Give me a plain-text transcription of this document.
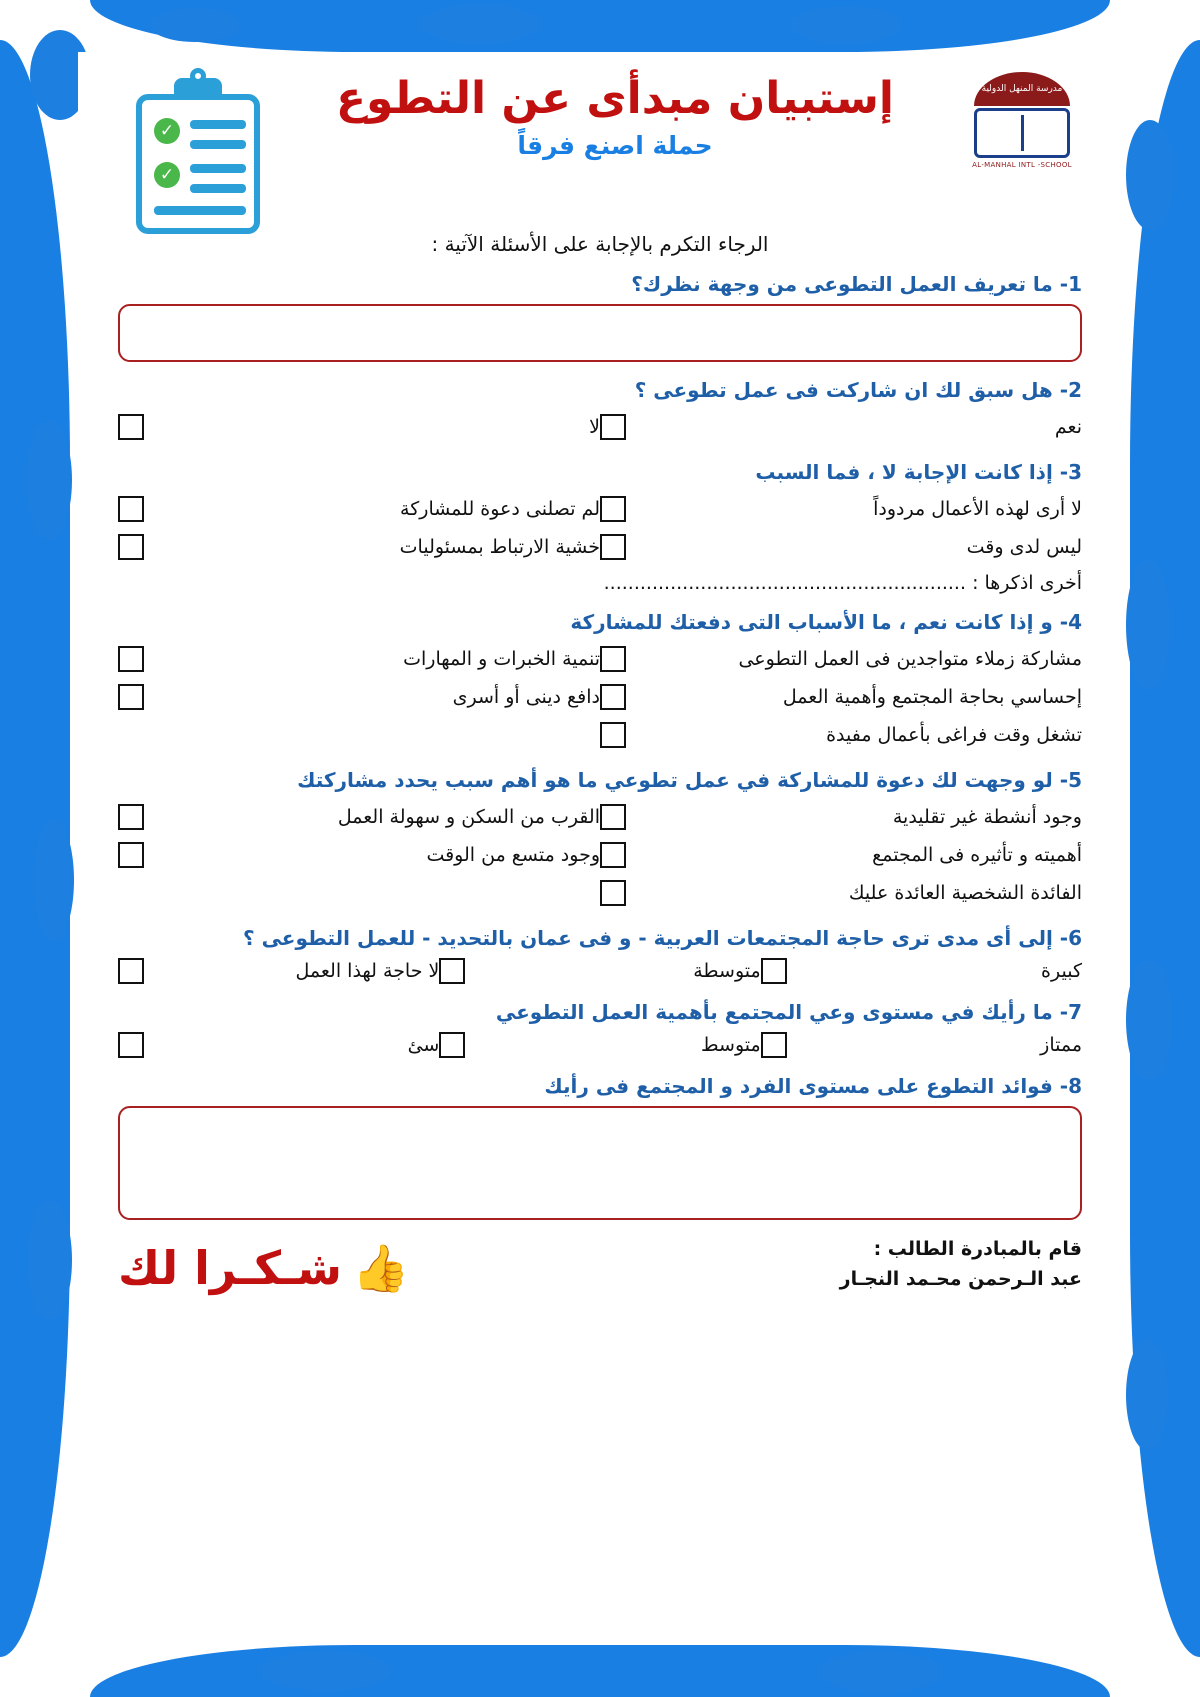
✓
✓
إستبيان مبدأى عن التطوع
حملة اصنع فرقاً
مدرسة المنهل الدولية
AL-MANHAL INTL -SCHOOL
الرجاء التكرم بالإجابة على الأسئلة الآتية :
1- ما تعريف العمل التطوعى من وجهة نظرك؟
2- هل سبق لك ان شاركت فى عمل تطوعى ؟
نعم
لا
3- إذا كانت الإجابة لا ، فما السبب
لا أرى لهذه الأعمال مردوداً
لم تصلنى دعوة للمشاركة
ليس لدى وقت
خشية الارتباط بمسئوليات
أخرى اذكرها : ............................................................
4- و إذا كانت نعم ، ما الأسباب التى دفعتك للمشاركة
مشاركة زملاء متواجدين فى العمل التطوعى
تنمية الخبرات و المهارات
إحساسي بحاجة المجتمع وأهمية العمل
دافع دينى أو أسرى
تشغل وقت فراغى بأعمال مفيدة
5- لو وجهت لك دعوة للمشاركة في عمل تطوعي ما هو أهم سبب يحدد مشاركتك
وجود أنشطة غير تقليدية
القرب من السكن و سهولة العمل
أهميته و تأثيره فى المجتمع
وجود متسع من الوقت
الفائدة الشخصية العائدة عليك
6- إلى أى مدى ترى حاجة المجتمعات العربية - و فى عمان بالتحديد - للعمل التطوعى ؟
كبيرة
متوسطة
لا حاجة لهذا العمل
7- ما رأيك في مستوى وعي المجتمع بأهمية العمل التطوعي
ممتاز
متوسط
سئ
8- فوائد التطوع على مستوى الفرد و المجتمع فى رأيك
قام بالمبادرة الطالب :
عبد الـرحمن محـمد النجـار
👍
شـكـرا لك
